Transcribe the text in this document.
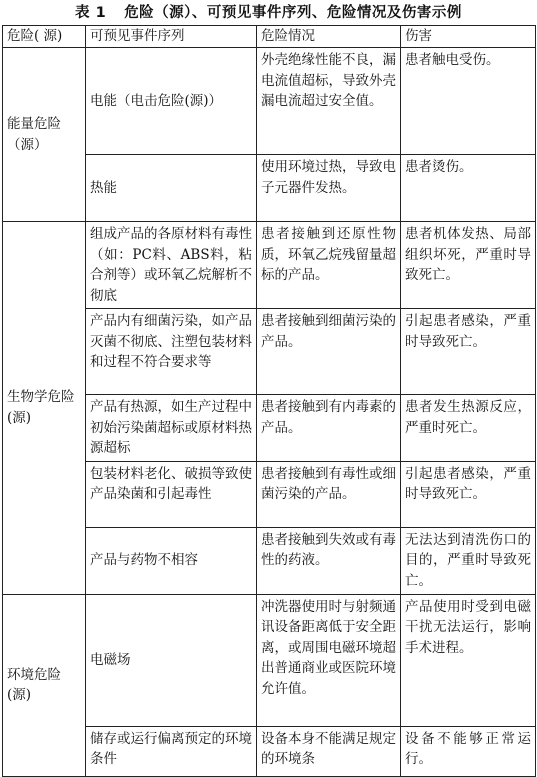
表 1 危险（源）、可预见事件序列、危险情况及伤害示例
危险( 源)	可预见事件序列	危险情况	伤害
能量危险（源）	电能（电击危险(源)）	外壳绝缘性能不良，漏电流值超标，导致外壳漏电流超过安全值。	患者触电受伤。
	热能	使用环境过热，导致电子元器件发热。	患者烫伤。
生物学危险(源)	组成产品的各原材料有毒性（如：PC料、ABS料，粘合剂等）或环氧乙烷解析不彻底	患者接触到还原性物质，环氧乙烷残留量超标的产品。	患者机体发热、局部组织坏死，严重时导致死亡。
	产品内有细菌污染，如产品灭菌不彻底、注塑包装材料和过程不符合要求等	患者接触到细菌污染的产品。	引起患者感染，严重时导致死亡。
	产品有热源，如生产过程中初始污染菌超标或原材料热源超标	患者接触到有内毒素的产品。	患者发生热源反应，严重时死亡。
	包装材料老化、破损等致使产品染菌和引起毒性	患者接触到有毒性或细菌污染的产品。	引起患者感染，严重时导致死亡。
	产品与药物不相容	患者接触到失效或有毒性的药液。	无法达到清洗伤口的目的，严重时导致死亡。
环境危险(源)	电磁场	冲洗器使用时与射频通讯设备距离低于安全距离，或周围电磁环境超出普通商业或医院环境允许值。	产品使用时受到电磁干扰无法运行，影响手术进程。
	储存或运行偏离预定的环境条件	设备本身不能满足规定的环境条	设备不能够正常运行。
